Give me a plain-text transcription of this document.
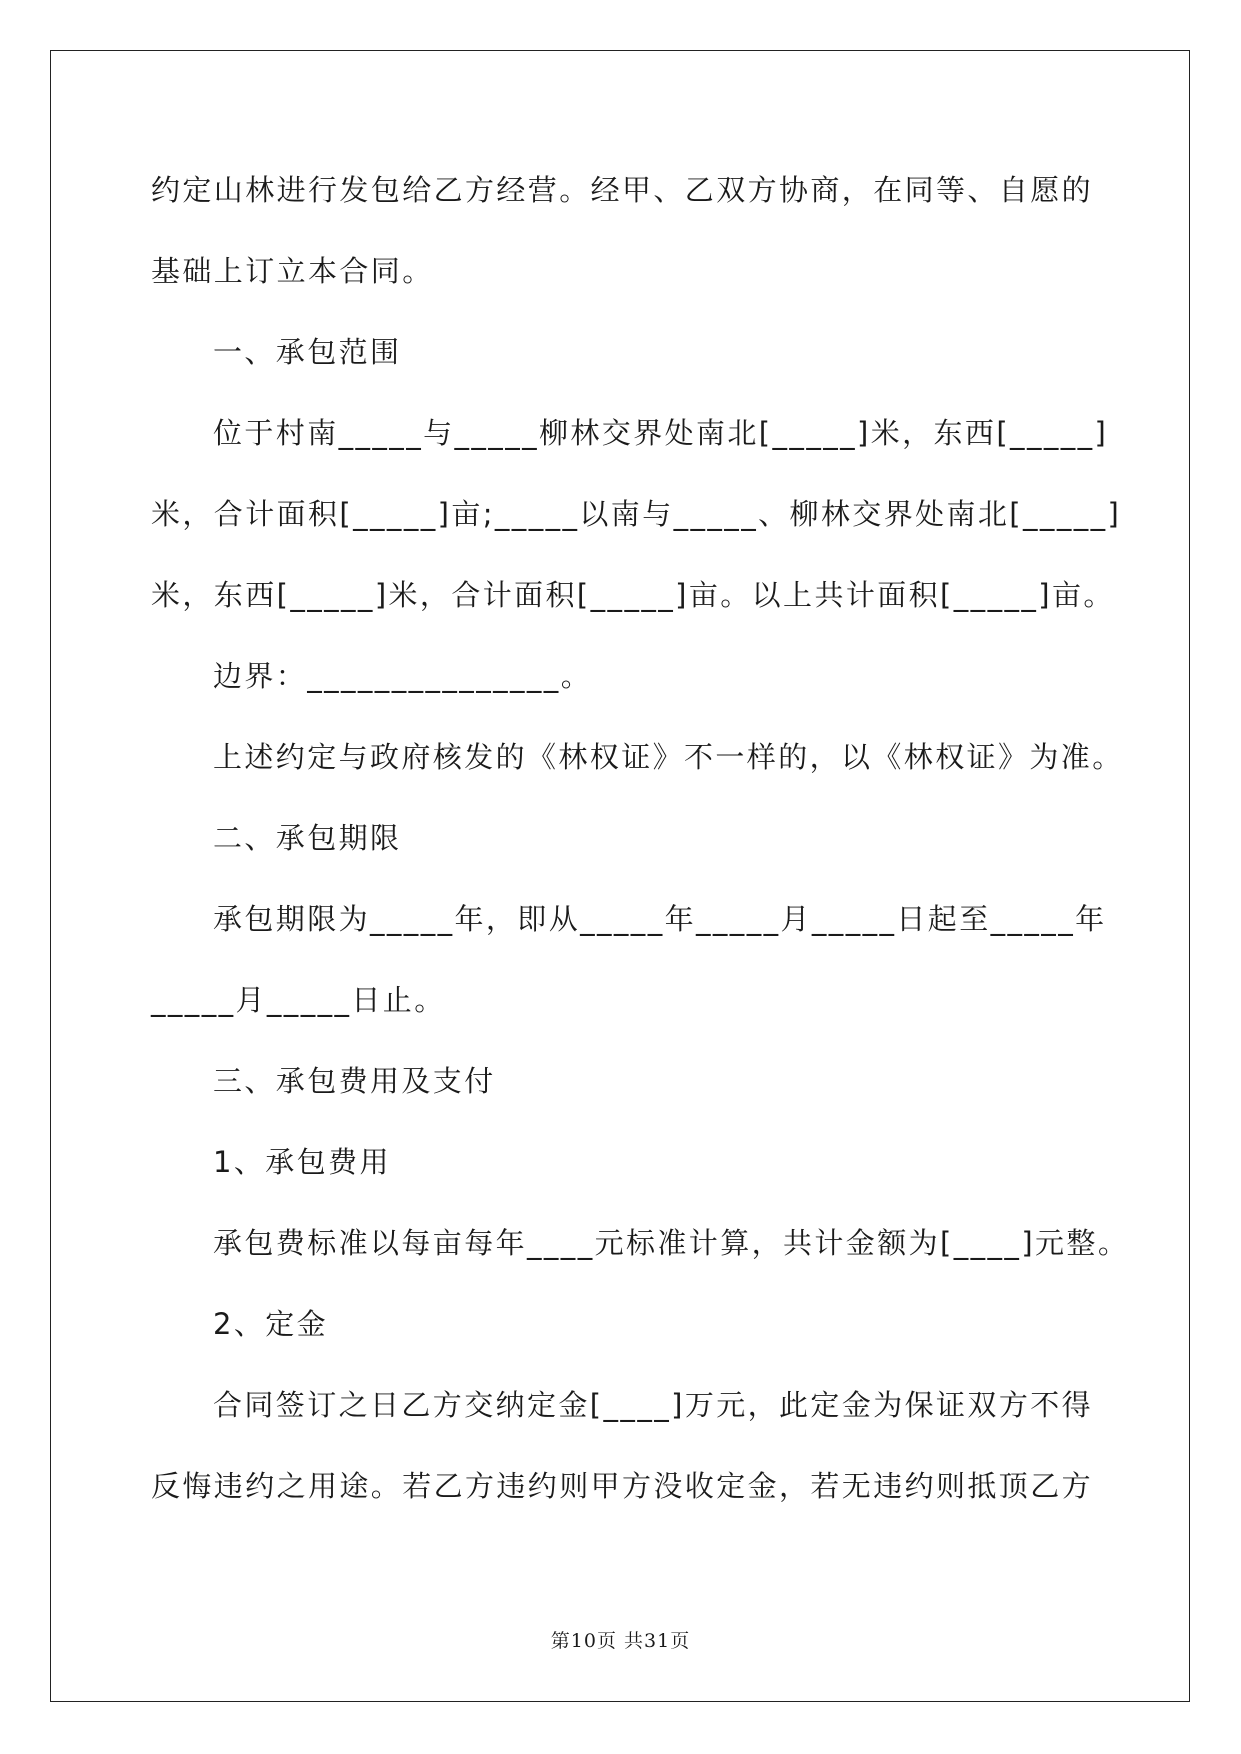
约定山林进行发包给乙方经营。经甲、乙双方协商，在同等、自愿的
基础上订立本合同。
一、承包范围
位于村南_____与_____柳林交界处南北[_____]米，东西[_____]
米，合计面积[_____]亩;_____以南与_____、柳林交界处南北[_____]
米，东西[_____]米，合计面积[_____]亩。以上共计面积[_____]亩。
边界：_______________。
上述约定与政府核发的《林权证》不一样的，以《林权证》为准。
二、承包期限
承包期限为_____年，即从_____年_____月_____日起至_____年
_____月_____日止。
三、承包费用及支付
1、承包费用
承包费标准以每亩每年____元标准计算，共计金额为[____]元整。
2、定金
合同签订之日乙方交纳定金[____]万元，此定金为保证双方不得
反悔违约之用途。若乙方违约则甲方没收定金，若无违约则抵顶乙方
第10页 共31页
